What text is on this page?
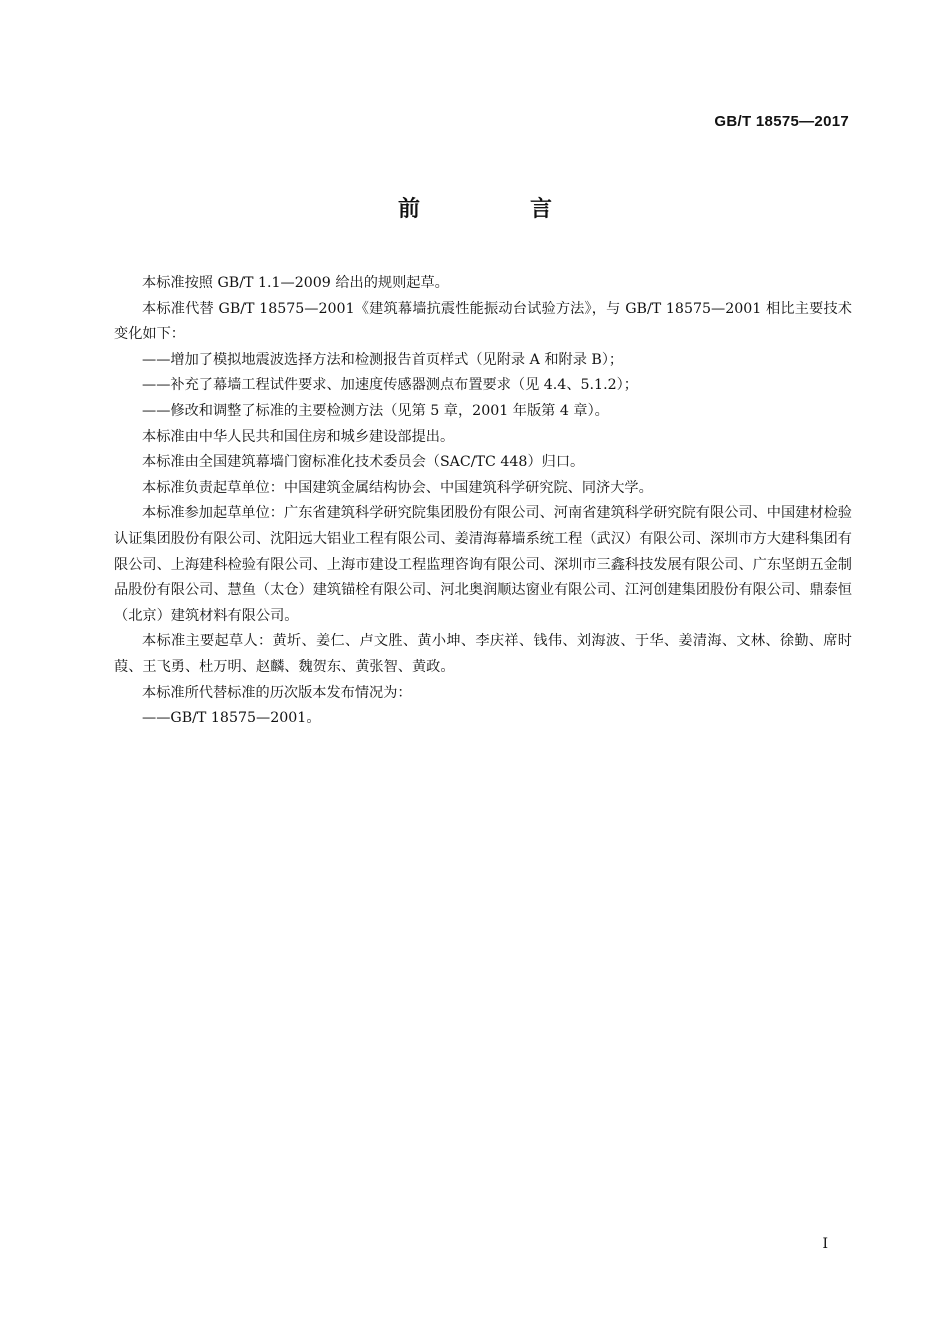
GB/T 18575—2017
前　言

本标准按照 GB/T 1.1—2009 给出的规则起草。

本标准代替 GB/T 18575—2001《建筑幕墙抗震性能振动台试验方法》，与 GB/T 18575—2001 相比主要技术变化如下：

——增加了模拟地震波选择方法和检测报告首页样式（见附录 A 和附录 B）；

——补充了幕墙工程试件要求、加速度传感器测点布置要求（见 4.4、5.1.2）；

——修改和调整了标准的主要检测方法（见第 5 章，2001 年版第 4 章）。

本标准由中华人民共和国住房和城乡建设部提出。

本标准由全国建筑幕墙门窗标准化技术委员会（SAC/TC 448）归口。

本标准负责起草单位：中国建筑金属结构协会、中国建筑科学研究院、同济大学。

本标准参加起草单位：广东省建筑科学研究院集团股份有限公司、河南省建筑科学研究院有限公司、中国建材检验认证集团股份有限公司、沈阳远大铝业工程有限公司、姜清海幕墙系统工程（武汉）有限公司、深圳市方大建科集团有限公司、上海建科检验有限公司、上海市建设工程监理咨询有限公司、深圳市三鑫科技发展有限公司、广东坚朗五金制品股份有限公司、慧鱼（太仓）建筑锚栓有限公司、河北奥润顺达窗业有限公司、江河创建集团股份有限公司、鼎泰恒（北京）建筑材料有限公司。

本标准主要起草人：黄圻、姜仁、卢文胜、黄小坤、李庆祥、钱伟、刘海波、于华、姜清海、文林、徐勤、席时葭、王飞勇、杜万明、赵麟、魏贺东、黄张智、黄政。

本标准所代替标准的历次版本发布情况为：

——GB/T 18575—2001。

I
